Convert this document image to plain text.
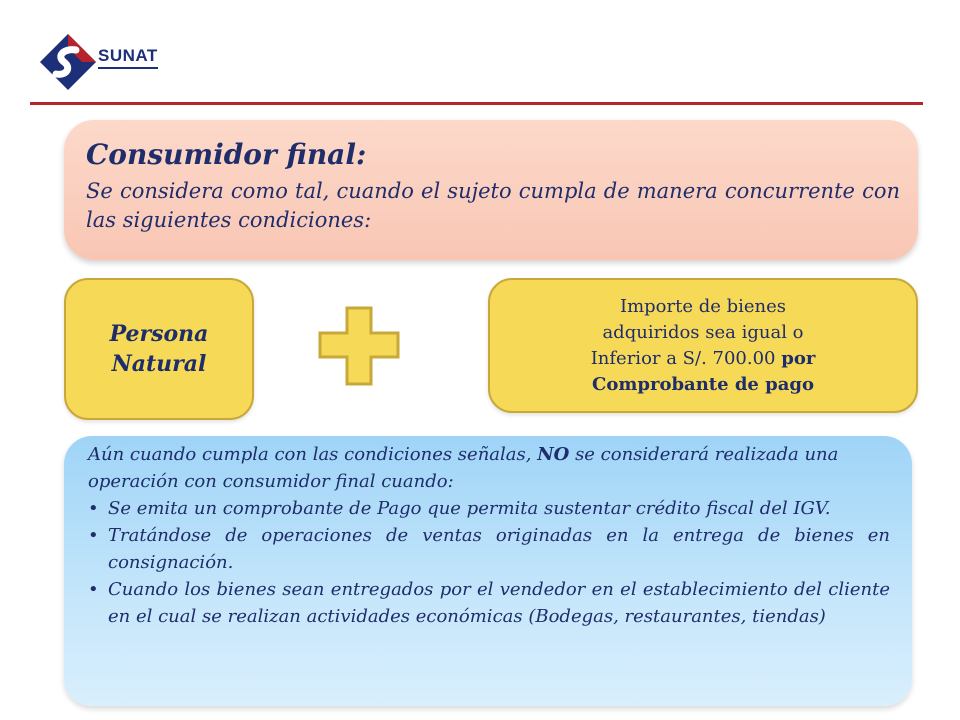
SUNAT
Consumidor final:

Se considera como tal, cuando el sujeto cumpla de manera concurrente con las siguientes condiciones:

Persona
Natural
Importe de bienes
adquiridos sea igual o
Inferior a S/. 700.00 por
Comprobante de pago

Aún cuando cumpla con las condiciones señalas, NO se considerará realizada una operación con consumidor final cuando:

• Se emita un comprobante de Pago que permita sustentar crédito fiscal del IGV.
• Tratándose de operaciones de ventas originadas en la entrega de bienes en consignación.
• Cuando los bienes sean entregados por el vendedor en el establecimiento del cliente en el cual se realizan actividades económicas (Bodegas, restaurantes, tiendas)
